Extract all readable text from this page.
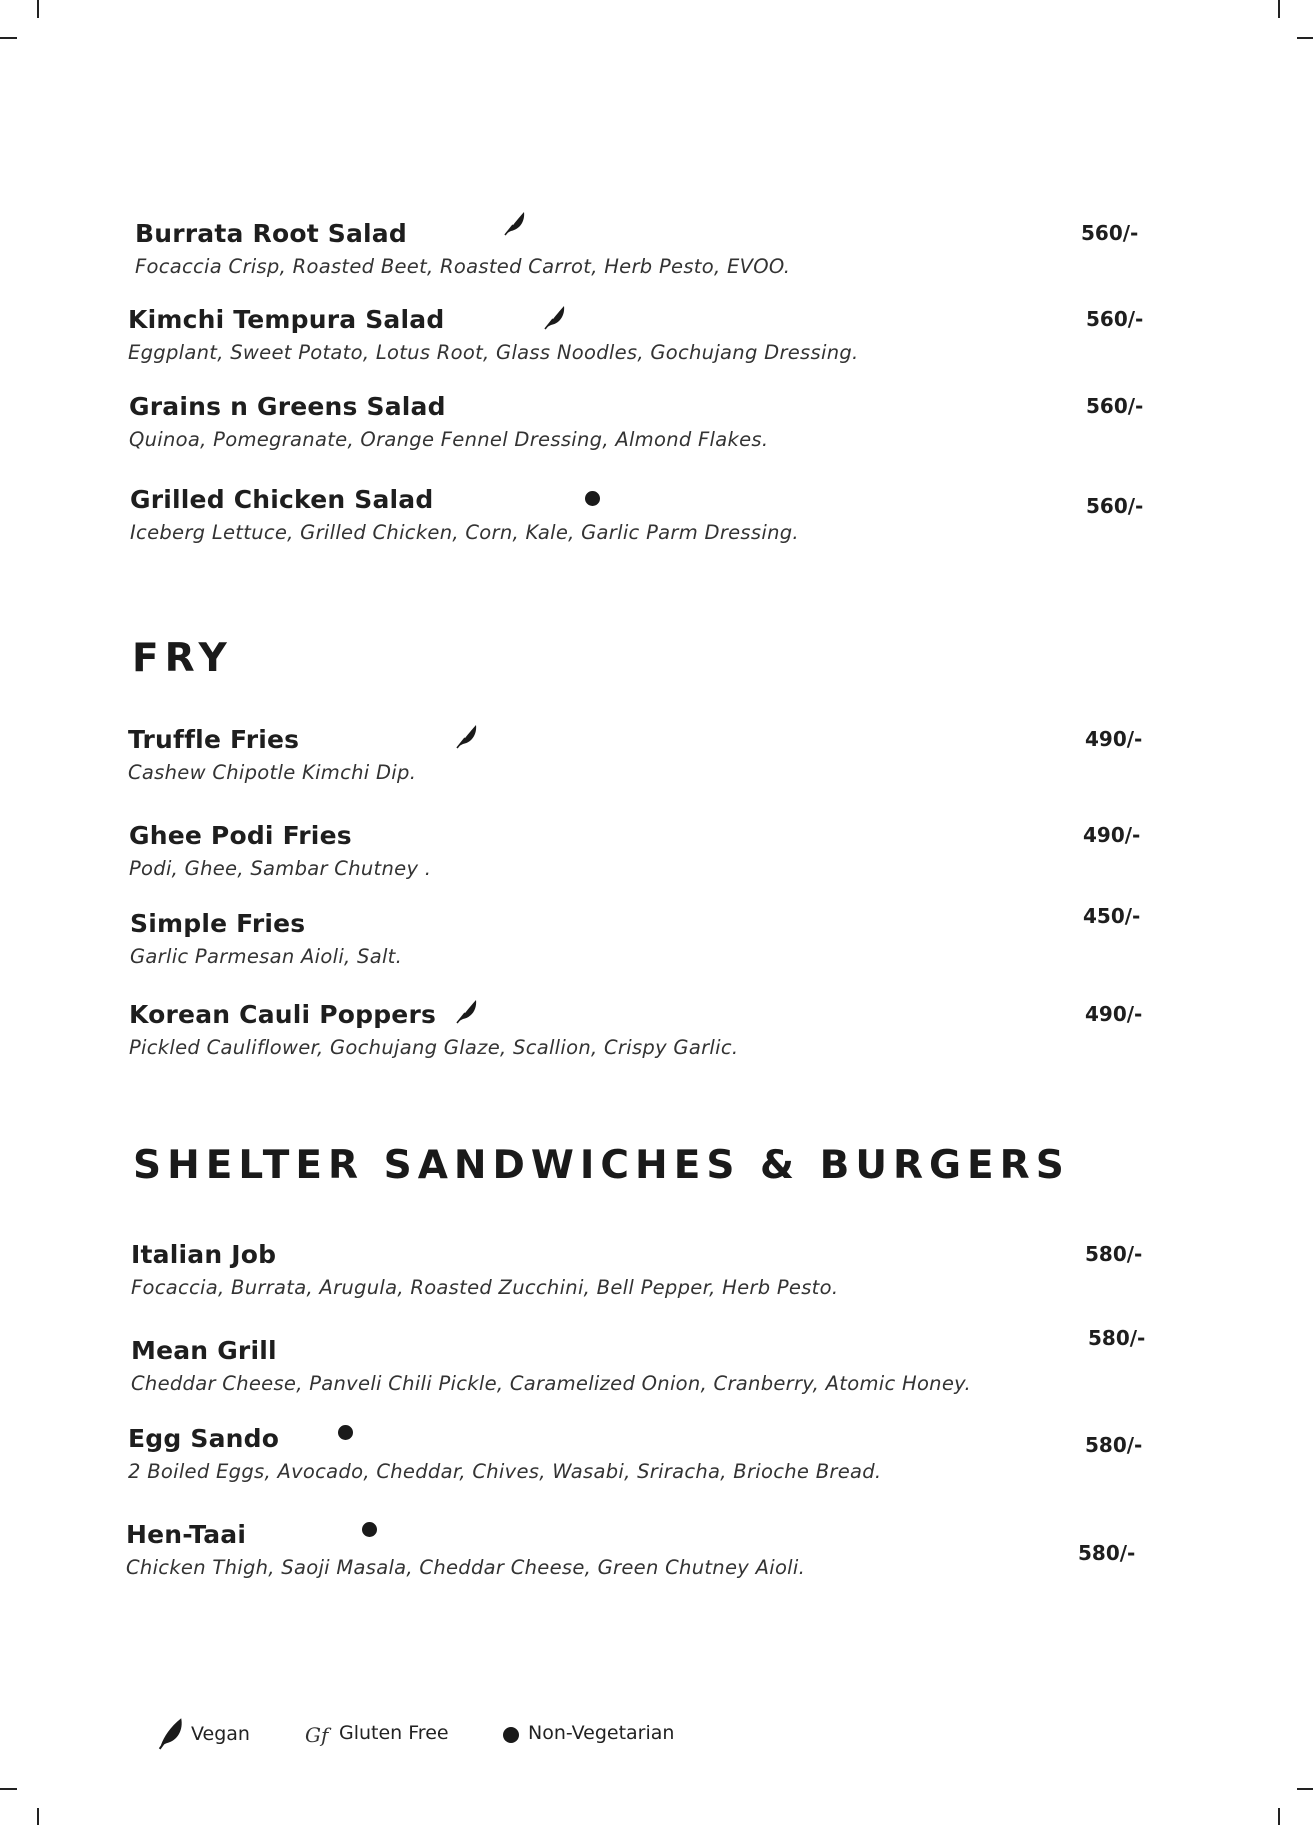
Burrata Root Salad
Focaccia Crisp, Roasted Beet, Roasted Carrot, Herb Pesto, EVOO.
560/-
Kimchi Tempura Salad
Eggplant, Sweet Potato, Lotus Root, Glass Noodles, Gochujang Dressing.
560/-
Grains n Greens Salad
Quinoa, Pomegranate, Orange Fennel Dressing, Almond Flakes.
560/-
Grilled Chicken Salad
Iceberg Lettuce, Grilled Chicken, Corn, Kale, Garlic Parm Dressing.
560/-
FRY
Truffle Fries
Cashew Chipotle Kimchi Dip.
490/-
Ghee Podi Fries
Podi, Ghee, Sambar Chutney .
490/-
Simple Fries
Garlic Parmesan Aioli, Salt.
450/-
Korean Cauli Poppers
Pickled Cauliflower, Gochujang Glaze, Scallion, Crispy Garlic.
490/-
SHELTER SANDWICHES & BURGERS
Italian Job
Focaccia, Burrata, Arugula, Roasted Zucchini, Bell Pepper, Herb Pesto.
580/-
Mean Grill
Cheddar Cheese, Panveli Chili Pickle, Caramelized Onion, Cranberry, Atomic Honey.
580/-
Egg Sando
2 Boiled Eggs, Avocado, Cheddar, Chives, Wasabi, Sriracha, Brioche Bread.
580/-
Hen-Taai
Chicken Thigh, Saoji Masala, Cheddar Cheese, Green Chutney Aioli.
580/-
Vegan	Gf Gluten Free	Non-Vegetarian
